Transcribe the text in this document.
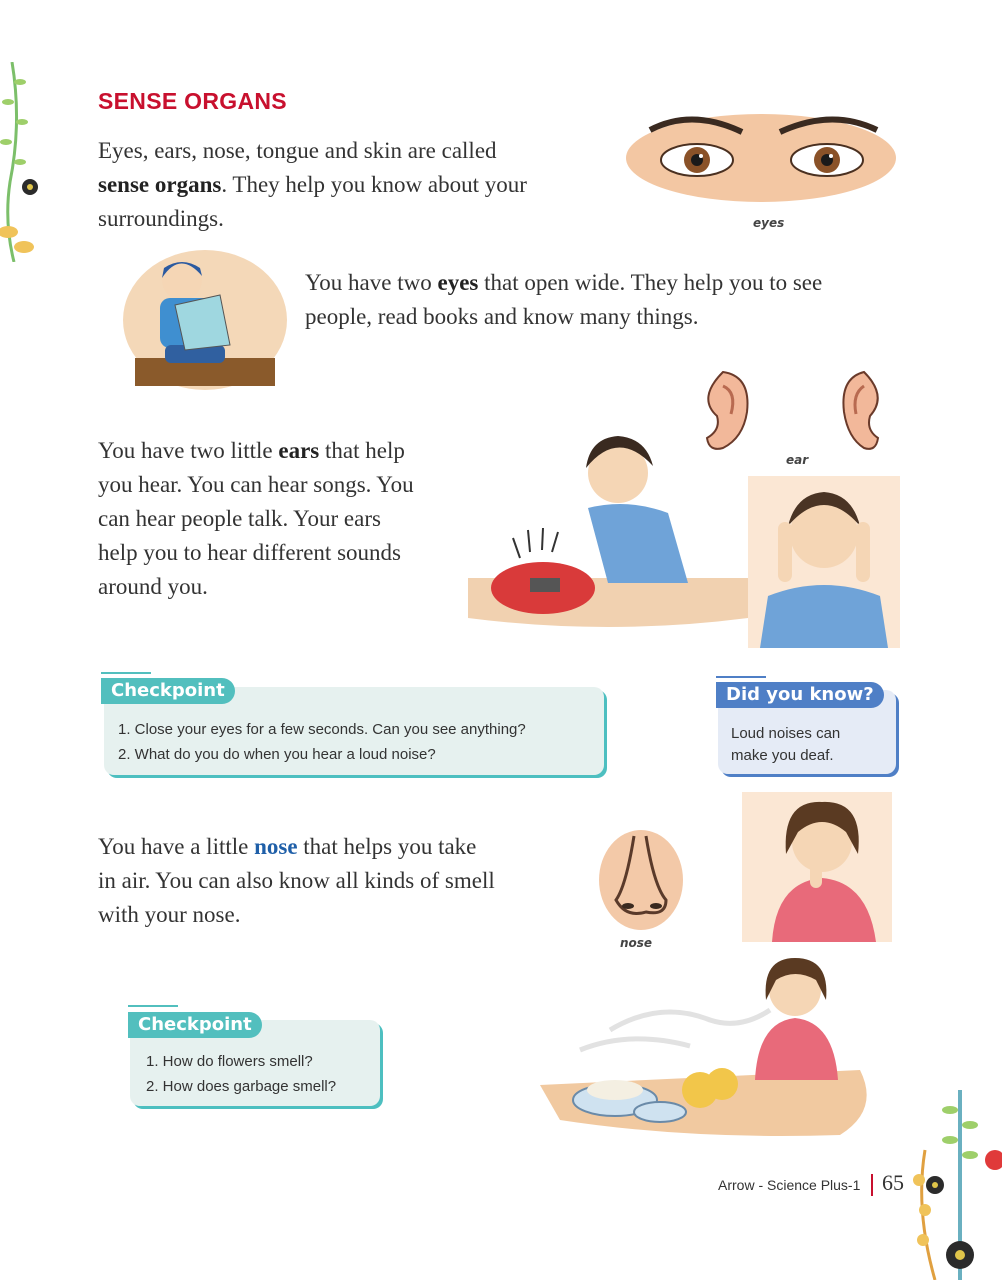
SENSE ORGANS
Eyes, ears, nose, tongue and skin are called
sense organs. They help you know about your
surroundings.	eyes
You have two eyes that open wide. They help you to see
people, read books and know many things.
ear
You have two little ears that help
you hear. You can hear songs. You
can hear people talk. Your ears
help you to hear different sounds
around you.
Checkpoint
1. Close your eyes for a few seconds. Can you see anything?
2. What do you do when you hear a loud noise?
Did you know?
Loud noises can
make you deaf.
You have a little nose that helps you take
in air. You can also know all kinds of smell
with your nose.
nose
Checkpoint
1. How do flowers smell?
2. How does garbage smell?
Arrow - Science Plus-1 65
